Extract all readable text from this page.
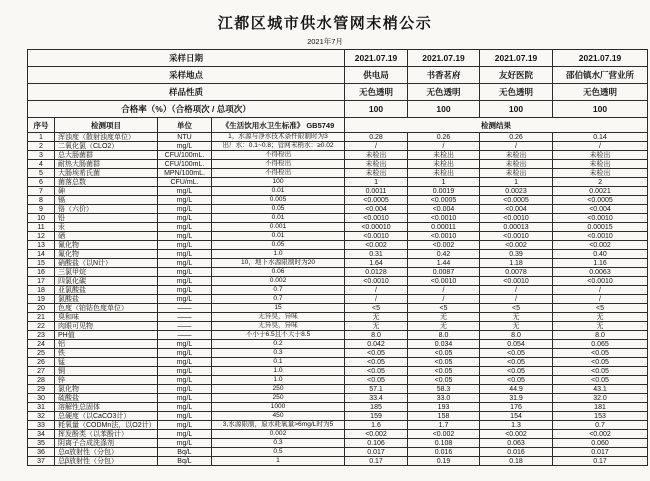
江都区城市供水管网末梢公示
2021年7月
采样日期				2021.07.19	2021.07.19	2021.07.19	2021.07.19
采样地点				供电局	书香茗府	友好医院	邵伯镇水厂营业所
样品性质				无色透明	无色透明	无色透明	无色透明
合格率（%）（合格项次 / 总项次）				100	100	100	100
序号	检测项目	单位	《生活饮用水卫生标准》 GB5749	检测结果			
1	浑浊度（散射浊度单位）	NTU	1，水源与净水技术条件限制时为3	0.28	0.26	0.26	0.14
2	二氧化氯（CLO2）	mg/L	出厂水：0.1~0.8；管网末梢水：≥0.02	/	/	/	/
3	总大肠菌群	CFU/100mL.	不得检出	未检出	未检出	未检出	未检出
4	耐热大肠菌群	CFU/100mL.	不得检出	未检出	未检出	未检出	未检出
5	大肠埃希氏菌	MPN/100mL.	不得检出	未检出	未检出	未检出	未检出
6	菌落总数	CFU/mL.	100	1	1	1	2
7	砷	mg/L	0.01	0.0011	0.0019	0.0023	0.0021
8	镉	mg/L	0.005	<0.0005	<0.0005	<0.0005	<0.0005
9	铬（六价）	mg/L	0.05	<0.004	<0.004	<0.004	<0.004
10	铅	mg/L	0.01	<0.0010	<0.0010	<0.0010	<0.0010
11	汞	mg/L	0.001	<0.00010	0.00011	0.00013	0.00015
12	硒	mg/L	0.01	<0.0010	<0.0010	<0.0010	<0.0010
13	氰化物	mg/L	0.05	<0.002	<0.002	<0.002	<0.002
14	氟化物	mg/L	1.0	0.31	0.42	0.39	0.40
15	硝酸盐（以N计）	mg/L	10，地下水源限制时为20	1.64	1.44	1.18	1.16
16	三氯甲烷	mg/L	0.06	0.0128	0.0087	0.0078	0.0063
17	四氯化碳	mg/L	0.002	<0.0010	<0.0010	<0.0010	<0.0010
18	亚氯酸盐	mg/L	0.7	/	/	/	/
19	氯酸盐	mg/L	0.7	/	/	/	/
20	色度（铂钴色度单位）	——	15	<5	<5	<5	<5
21	臭和味	——	无异臭，异味	无	无	无	无
22	肉眼可见物	——	无异臭，异味	无	无	无	无
23	PH值	——	不小于6.5且不大于8.5	8.0	8.0	8.0	8.0
24	铝	mg/L	0.2	0.042	0.034	0.054	0.065
25	铁	mg/L	0.3	<0.05	<0.05	<0.05	<0.05
26	锰	mg/L	0.1	<0.05	<0.05	<0.05	<0.05
27	铜	mg/L	1.0	<0.05	<0.05	<0.05	<0.05
28	锌	mg/L	1.0	<0.05	<0.05	<0.05	<0.05
29	氯化物	mg/L	250	57.1	58.3	44.9	43.1
30	硫酸盐	mg/L	250	33.4	33.0	31.9	32.0
31	溶解性总固体	mg/L	1000	185	193	176	181
32	总硬度（以CaCO3计）	mg/L	450	159	158	154	153
33	耗氧量（CODMn法，以O2计）	mg/L	3,水源限制，原水耗氧量>6mg/L时为5	1.6	1.7	1.3	0.7
34	挥发酚类（以苯酚计）	mg/L	0.002	<0.002	<0.002	<0.002	<0.002
35	阴离子合成洗涤剂	mg/L	0.3	0.106	0.108	0.063	0.060
36	总α放射性（分包）	Bq/L	0.5	0.017	0.016	0.016	0.017
37	总β放射性（分包）	Bq/L	1	0.17	0.19	0.18	0.17
